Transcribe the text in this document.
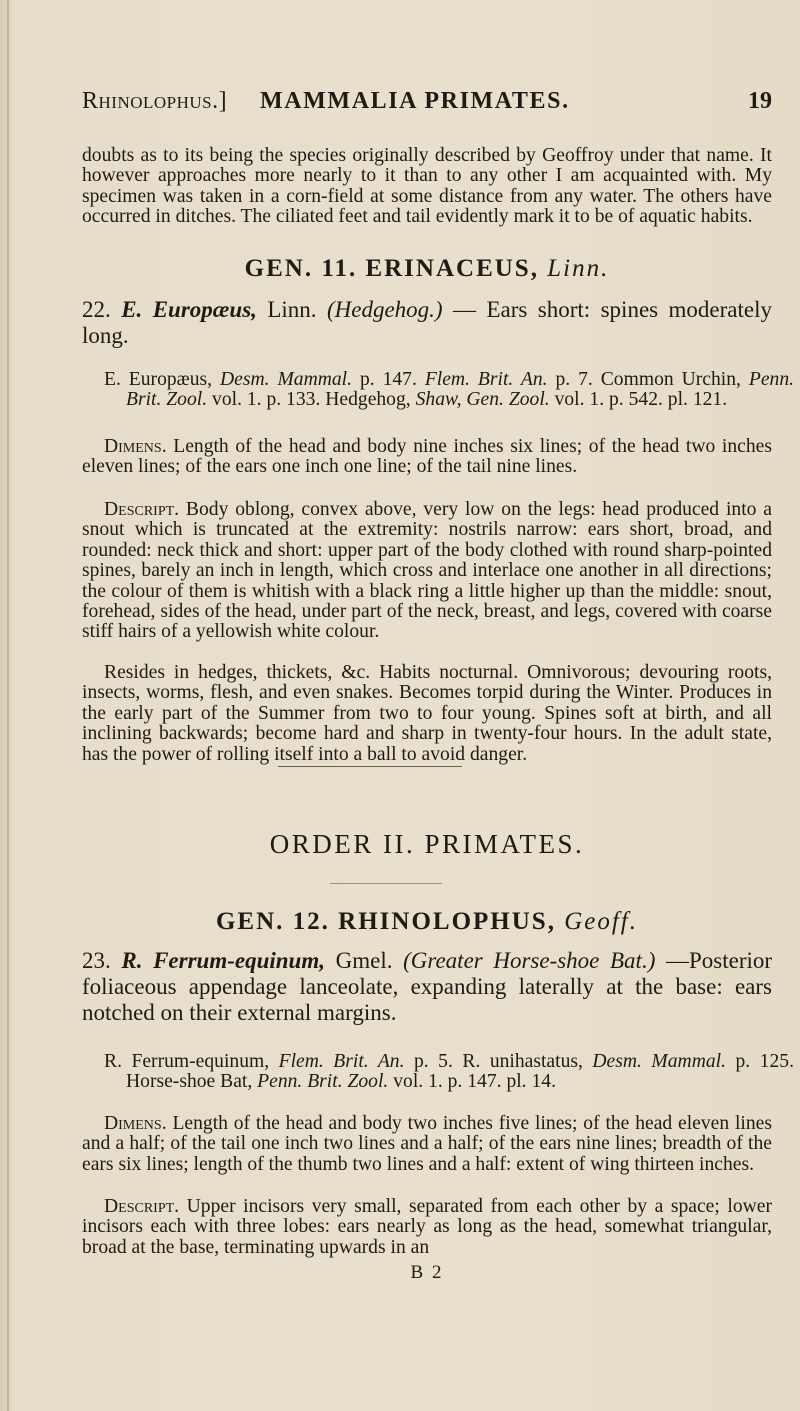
Rhinolophus.] MAMMALIA PRIMATES.	19

doubts as to its being the species originally described by Geoffroy under that name. It however approaches more nearly to it than to any other I am acquainted with. My specimen was taken in a corn-field at some distance from any water. The others have occurred in ditches. The ciliated feet and tail evidently mark it to be of aquatic habits.

GEN. 11. ERINACEUS, Linn.
22. E. Europæus, Linn. (Hedgehog.) — Ears short: spines moderately long.

E. Europæus, Desm. Mammal. p. 147. Flem. Brit. An. p. 7. Common Urchin, Penn. Brit. Zool. vol. 1. p. 133. Hedgehog, Shaw, Gen. Zool. vol. 1. p. 542. pl. 121.

Dimens. Length of the head and body nine inches six lines; of the head two inches eleven lines; of the ears one inch one line; of the tail nine lines.

Descript. Body oblong, convex above, very low on the legs: head produced into a snout which is truncated at the extremity: nostrils narrow: ears short, broad, and rounded: neck thick and short: upper part of the body clothed with round sharp-pointed spines, barely an inch in length, which cross and interlace one another in all directions; the colour of them is whitish with a black ring a little higher up than the middle: snout, forehead, sides of the head, under part of the neck, breast, and legs, covered with coarse stiff hairs of a yellowish white colour.

Resides in hedges, thickets, &c. Habits nocturnal. Omnivorous; devouring roots, insects, worms, flesh, and even snakes. Becomes torpid during the Winter. Produces in the early part of the Summer from two to four young. Spines soft at birth, and all inclining backwards; become hard and sharp in twenty-four hours. In the adult state, has the power of rolling itself into a ball to avoid danger.

ORDER II. PRIMATES.
GEN. 12. RHINOLOPHUS, Geoff.
23. R. Ferrum-equinum, Gmel. (Greater Horse-shoe Bat.) —Posterior foliaceous appendage lanceolate, expanding laterally at the base: ears notched on their external margins.

R. Ferrum-equinum, Flem. Brit. An. p. 5. R. unihastatus, Desm. Mammal. p. 125. Horse-shoe Bat, Penn. Brit. Zool. vol. 1. p. 147. pl. 14.

Dimens. Length of the head and body two inches five lines; of the head eleven lines and a half; of the tail one inch two lines and a half; of the ears nine lines; breadth of the ears six lines; length of the thumb two lines and a half: extent of wing thirteen inches.

Descript. Upper incisors very small, separated from each other by a space; lower incisors each with three lobes: ears nearly as long as the head, somewhat triangular, broad at the base, terminating upwards in an

B 2
